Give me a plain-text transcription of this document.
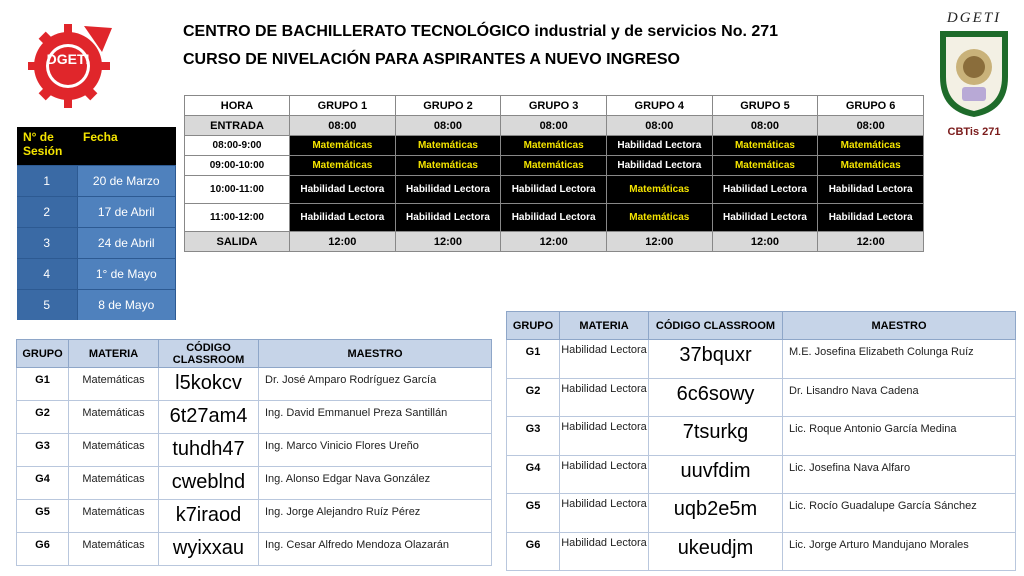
DGETI
CENTRO DE BACHILLERATO TECNOLÓGICO industrial y de servicios No. 271
CURSO DE NIVELACIÓN PARA ASPIRANTES A NUEVO INGRESO
DGETI
CBTis 271
HORA	GRUPO 1	GRUPO 2	GRUPO 3	GRUPO 4	GRUPO 5	GRUPO 6
ENTRADA	08:00	08:00	08:00	08:00	08:00	08:00
08:00-9:00	Matemáticas	Matemáticas	Matemáticas	Habilidad Lectora	Matemáticas	Matemáticas
09:00-10:00	Matemáticas	Matemáticas	Matemáticas	Habilidad Lectora	Matemáticas	Matemáticas
10:00-11:00	Habilidad Lectora	Habilidad Lectora	Habilidad Lectora	Matemáticas	Habilidad Lectora	Habilidad Lectora
11:00-12:00	Habilidad Lectora	Habilidad Lectora	Habilidad Lectora	Matemáticas	Habilidad Lectora	Habilidad Lectora
SALIDA	12:00	12:00	12:00	12:00	12:00	12:00
N° de Sesión	Fecha
1	20 de Marzo
2	17 de Abril
3	24 de Abril
4	1° de Mayo
5	8 de Mayo
GRUPO	MATERIA	CÓDIGO CLASSROOM	MAESTRO
G1	Matemáticas	l5kokcv	Dr. José Amparo Rodríguez García
G2	Matemáticas	6t27am4	Ing. David Emmanuel Preza Santillán
G3	Matemáticas	tuhdh47	Ing. Marco Vinicio Flores Ureño
G4	Matemáticas	cweblnd	Ing. Alonso Edgar Nava González
G5	Matemáticas	k7iraod	Ing. Jorge Alejandro Ruíz Pérez
G6	Matemáticas	wyixxau	Ing. Cesar Alfredo Mendoza Olazarán
GRUPO	MATERIA	CÓDIGO CLASSROOM	MAESTRO
G1	Habilidad Lectora	37bquxr	M.E. Josefina Elizabeth Colunga Ruíz
G2	Habilidad Lectora	6c6sowy	Dr. Lisandro Nava Cadena
G3	Habilidad Lectora	7tsurkg	Lic. Roque Antonio García Medina
G4	Habilidad Lectora	uuvfdim	Lic. Josefina Nava Alfaro
G5	Habilidad Lectora	uqb2e5m	Lic. Rocío Guadalupe García Sánchez
G6	Habilidad Lectora	ukeudjm	Lic. Jorge Arturo Mandujano Morales
